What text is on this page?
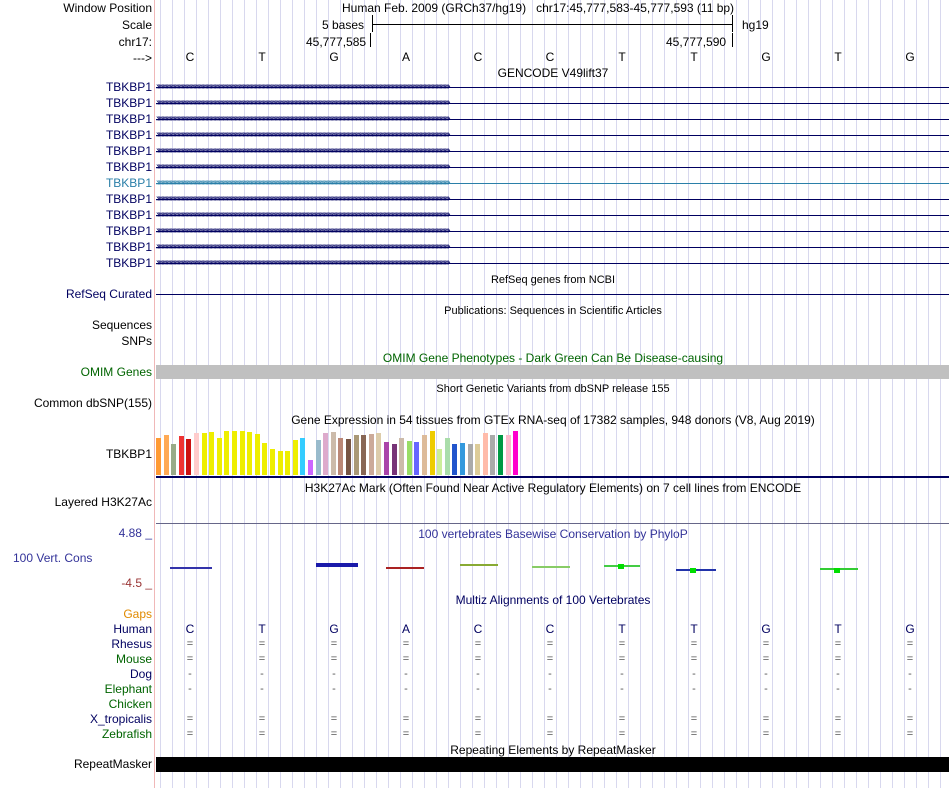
Window Position	Human Feb. 2009 (GRCh37/hg19) chr17:45,777,583-45,777,593 (11 bp)
Scale	5 bases	hg19
chr17:	45,777,585	45,777,590
--->	C	T	G	A	C	C	T	T	G	T	G
GENCODE V49lift37
TBKBP1 ››››››››››››››››››››››››››››››››››››››››››››››››››››››››››››››››››››››››››››››››››››››››››››››››››››››››››››››››››››››››››››››››››››››››››››››››››››››››››››››››››››››››››››››››››››››››››››››››››››››››››››››››››››››››››››
TBKBP1 ››››››››››››››››››››››››››››››››››››››››››››››››››››››››››››››››››››››››››››››››››››››››››››››››››››››››››››››››››››››››››››››››››››››››››››››››››››››››››››››››››››››››››››››››››››››››››››››››››››››››››››››››››››››››››››
TBKBP1 ››››››››››››››››››››››››››››››››››››››››››››››››››››››››››››››››››››››››››››››››››››››››››››››››››››››››››››››››››››››››››››››››››››››››››››››››››››››››››››››››››››››››››››››››››››››››››››››››››››››››››››››››››››››››››››
TBKBP1 ››››››››››››››››››››››››››››››››››››››››››››››››››››››››››››››››››››››››››››››››››››››››››››››››››››››››››››››››››››››››››››››››››››››››››››››››››››››››››››››››››››››››››››››››››››››››››››››››››››››››››››››››››››››››››››
TBKBP1 ››››››››››››››››››››››››››››››››››››››››››››››››››››››››››››››››››››››››››››››››››››››››››››››››››››››››››››››››››››››››››››››››››››››››››››››››››››››››››››››››››››››››››››››››››››››››››››››››››››››››››››››››››››››››››››
TBKBP1 ››››››››››››››››››››››››››››››››››››››››››››››››››››››››››››››››››››››››››››››››››››››››››››››››››››››››››››››››››››››››››››››››››››››››››››››››››››››››››››››››››››››››››››››››››››››››››››››››››››››››››››››››››››››››››››
TBKBP1 ››››››››››››››››››››››››››››››››››››››››››››››››››››››››››››››››››››››››››››››››››››››››››››››››››››››››››››››››››››››››››››››››››››››››››››››››››››››››››››››››››››››››››››››››››››››››››››››››››››››››››››››››››››››››››››
TBKBP1 ››››››››››››››››››››››››››››››››››››››››››››››››››››››››››››››››››››››››››››››››››››››››››››››››››››››››››››››››››››››››››››››››››››››››››››››››››››››››››››››››››››››››››››››››››››››››››››››››››››››››››››››››››››››››››››
TBKBP1 ››››››››››››››››››››››››››››››››››››››››››››››››››››››››››››››››››››››››››››››››››››››››››››››››››››››››››››››››››››››››››››››››››››››››››››››››››››››››››››››››››››››››››››››››››››››››››››››››››››››››››››››››››››››››››››
TBKBP1 ››››››››››››››››››››››››››››››››››››››››››››››››››››››››››››››››››››››››››››››››››››››››››››››››››››››››››››››››››››››››››››››››››››››››››››››››››››››››››››››››››››››››››››››››››››››››››››››››››››››››››››››››››››››››››››
TBKBP1 ››››››››››››››››››››››››››››››››››››››››››››››››››››››››››››››››››››››››››››››››››››››››››››››››››››››››››››››››››››››››››››››››››››››››››››››››››››››››››››››››››››››››››››››››››››››››››››››››››››››››››››››››››››››››››››
TBKBP1 ››››››››››››››››››››››››››››››››››››››››››››››››››››››››››››››››››››››››››››››››››››››››››››››››››››››››››››››››››››››››››››››››››››››››››››››››››››››››››››››››››››››››››››››››››››››››››››››››››››››››››››››››››››››››››››
RefSeq genes from NCBI
RefSeq Curated
Publications: Sequences in Scientific Articles
Sequences
SNPs
OMIM Gene Phenotypes - Dark Green Can Be Disease-causing
OMIM Genes
Short Genetic Variants from dbSNP release 155
Common dbSNP(155)
Gene Expression in 54 tissues from GTEx RNA-seq of 17382 samples, 948 donors (V8, Aug 2019)
TBKBP1
H3K27Ac Mark (Often Found Near Active Regulatory Elements) on 7 cell lines from ENCODE
Layered H3K27Ac
4.88 _	100 vertebrates Basewise Conservation by PhyloP
100 Vert. Cons
-4.5 _
Gaps
Multiz Alignments of 100 Vertebrates
Human	C	T	G	A	C	C	T	T	G	T	G
Rhesus	=	=	=	=	=	=	=	=	=	=	=
Mouse	=	=	=	=	=	=	=	=	=	=	=
Dog	-	-	-	-	-	-	-	-	-	-	-
Elephant	-	-	-	-	-	-	-	-	-	-	-
Chicken
X_tropicalis	=	=	=	=	=	=	=	=	=	=	=
Zebrafish	=	=	=	=	=	=	=	=	=	=	=
Repeating Elements by RepeatMasker
RepeatMasker
